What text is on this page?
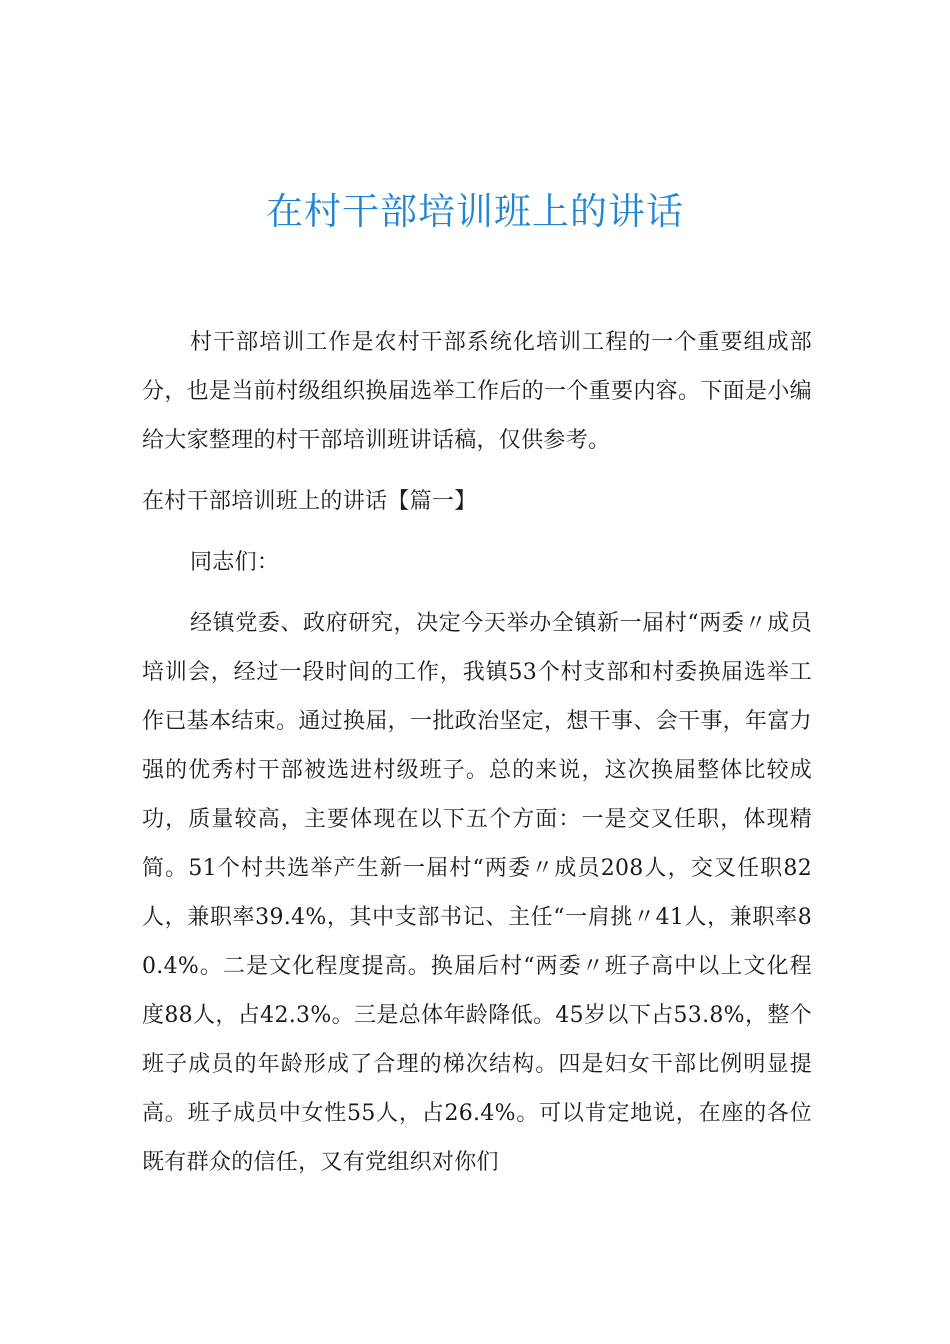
在村干部培训班上的讲话

村干部培训工作是农村干部系统化培训工程的一个重要组成部分，也是当前村级组织换届选举工作后的一个重要内容。下面是小编给大家整理的村干部培训班讲话稿，仅供参考。

在村干部培训班上的讲话【篇一】

同志们：

经镇党委、政府研究，决定今天举办全镇新一届村“两委〃成员培训会，经过一段时间的工作，我镇53个村支部和村委换届选举工作已基本结束。通过换届，一批政治坚定，想干事、会干事，年富力强的优秀村干部被选进村级班子。总的来说，这次换届整体比较成功，质量较高，主要体现在以下五个方面：一是交叉任职，体现精简。51个村共选举产生新一届村“两委〃成员208人，交叉任职82人，兼职率39.4%，其中支部书记、主任“一肩挑〃41人，兼职率80.4%。二是文化程度提高。换届后村“两委〃班子高中以上文化程度88人，占42.3%。三是总体年龄降低。45岁以下占53.8%，整个班子成员的年龄形成了合理的梯次结构。四是妇女干部比例明显提高。班子成员中女性55人，占26.4%。可以肯定地说，在座的各位既有群众的信任，又有党组织对你们
